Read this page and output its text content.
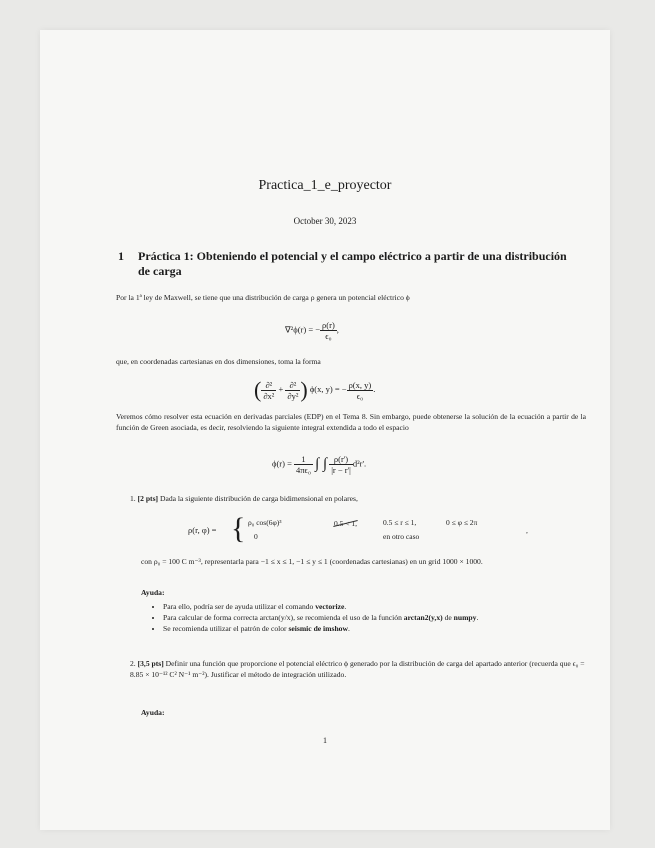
Practica_1_e_proyector
October 30, 2023
1 Práctica 1: Obteniendo el potencial y el campo eléctrico a partir de una distribución de carga
Por la 1ª ley de Maxwell, se tiene que una distribución de carga ρ genera un potencial eléctrico ϕ
∇²ϕ(r) = − $\frac{\rho(r)}{\text{ϵ₀}}$ ,
que, en coordenadas cartesianas en dos dimensiones, toma la forma
( $\frac{\text{∂²}}{\text{∂x²}} + \frac{\text{∂²}}{\text{∂y²}}$ ) ϕ(x, y) = − $\frac{\rho(x, y)}{\text{ϵ₀}}$ .
Veremos cómo resolver esta ecuación en derivadas parciales (EDP) en el Tema 8. Sin embargo, puede obtenerse la solución de la ecuación a partir de la función de Green asociada, es decir, resolviendo la siguiente integral extendida a todo el espacio
$\phi(r) = \frac{1}{\text{4πϵ₀}}$ ∫ ∫ $\frac{\rho(r')}{|r - r'|} d^2r'$.
1. [2 pts] Dada la siguiente distribución de carga bidimensional en polares,
ρ(r, φ) = { ρ₀ cos(6φ)³
0
0.5 < 1,	0.5 ≤ r ≤ 1,	0 ≤ φ ≤ 2π
en otro caso
,
con ρ₀ = 100 C m⁻³, representarla para −1 ≤ x ≤ 1, −1 ≤ y ≤ 1 (coordenadas cartesianas) en un grid 1000 × 1000.
Ayuda:
• Para ello, podría ser de ayuda utilizar el comando vectorize.
• Para calcular de forma correcta arctan(y/x), se recomienda el uso de la función arctan2(y,x) de numpy.
• Se recomienda utilizar el patrón de color seismic de imshow.
2. [3,5 pts] Definir una función que proporcione el potencial eléctrico ϕ generado por la distribución de carga del apartado anterior (recuerda que ϵ₀ = 8.85 × 10⁻¹² C² N⁻¹ m⁻²). Justificar el método de integración utilizado.
Ayuda:
1
